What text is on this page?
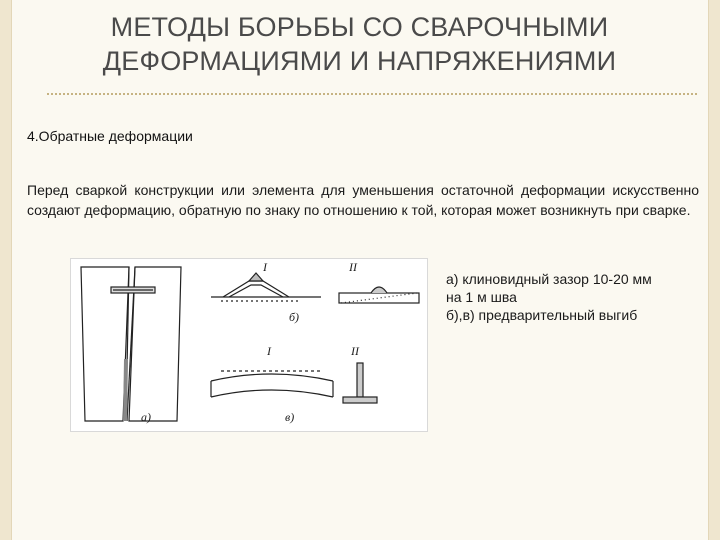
МЕТОДЫ БОРЬБЫ СО СВАРОЧНЫМИ
ДЕФОРМАЦИЯМИ И НАПРЯЖЕНИЯМИ
4.Обратные деформации
Перед сваркой конструкции или элемента для уменьшения остаточной деформации искусственно создают деформацию, обратную по знаку по отношению к той, которая может возникнуть при сварке.
а)
б)
в)
I	II
I	II
а) клиновидный зазор 10-20 мм
на 1 м шва
б),в) предварительный выгиб
